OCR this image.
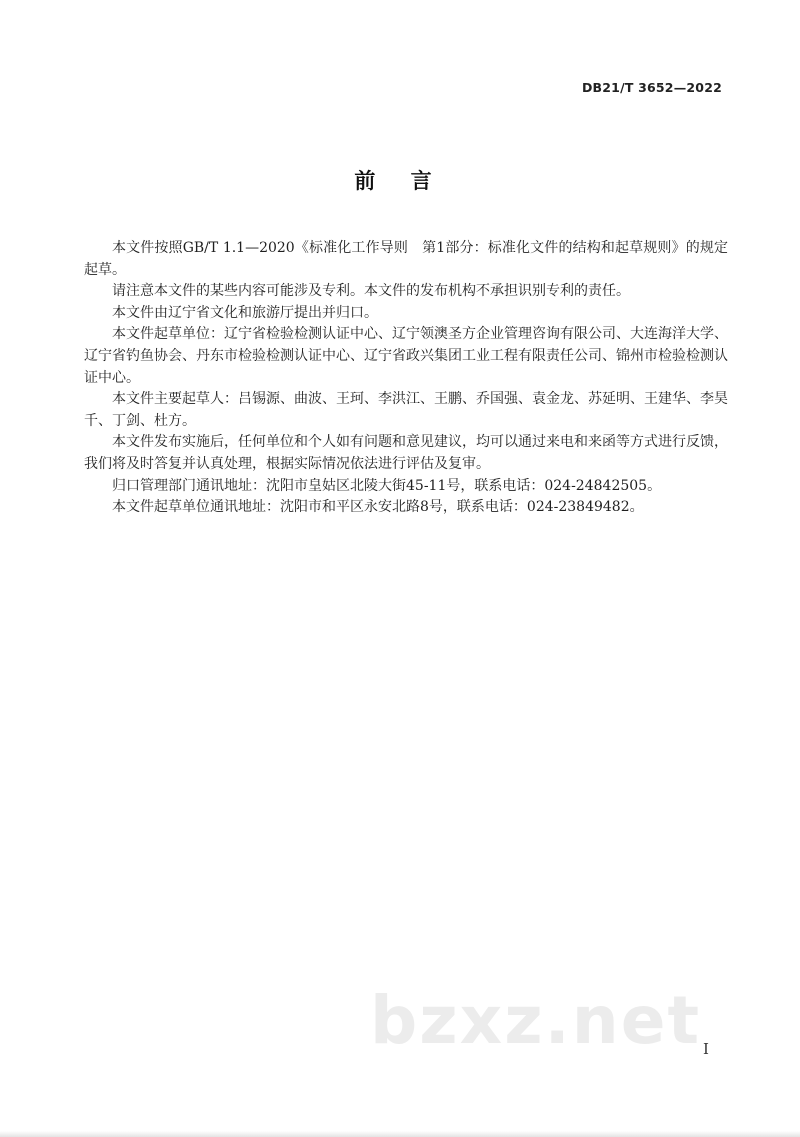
DB21/T 3652—2022
前 言

本文件按照GB/T 1.1—2020《标准化工作导则　第1部分：标准化文件的结构和起草规则》的规定起草。

请注意本文件的某些内容可能涉及专利。本文件的发布机构不承担识别专利的责任。

本文件由辽宁省文化和旅游厅提出并归口。

本文件起草单位：辽宁省检验检测认证中心、辽宁领澳圣方企业管理咨询有限公司、大连海洋大学、辽宁省钓鱼协会、丹东市检验检测认证中心、辽宁省政兴集团工业工程有限责任公司、锦州市检验检测认证中心。

本文件主要起草人：吕锡源、曲波、王珂、李洪江、王鹏、乔国强、袁金龙、苏延明、王建华、李昊千、丁剑、杜方。

本文件发布实施后，任何单位和个人如有问题和意见建议，均可以通过来电和来函等方式进行反馈，我们将及时答复并认真处理，根据实际情况依法进行评估及复审。

归口管理部门通讯地址：沈阳市皇姑区北陵大街45-11号，联系电话：024-24842505。

本文件起草单位通讯地址：沈阳市和平区永安北路8号，联系电话：024-23849482。

bzxz.net I
